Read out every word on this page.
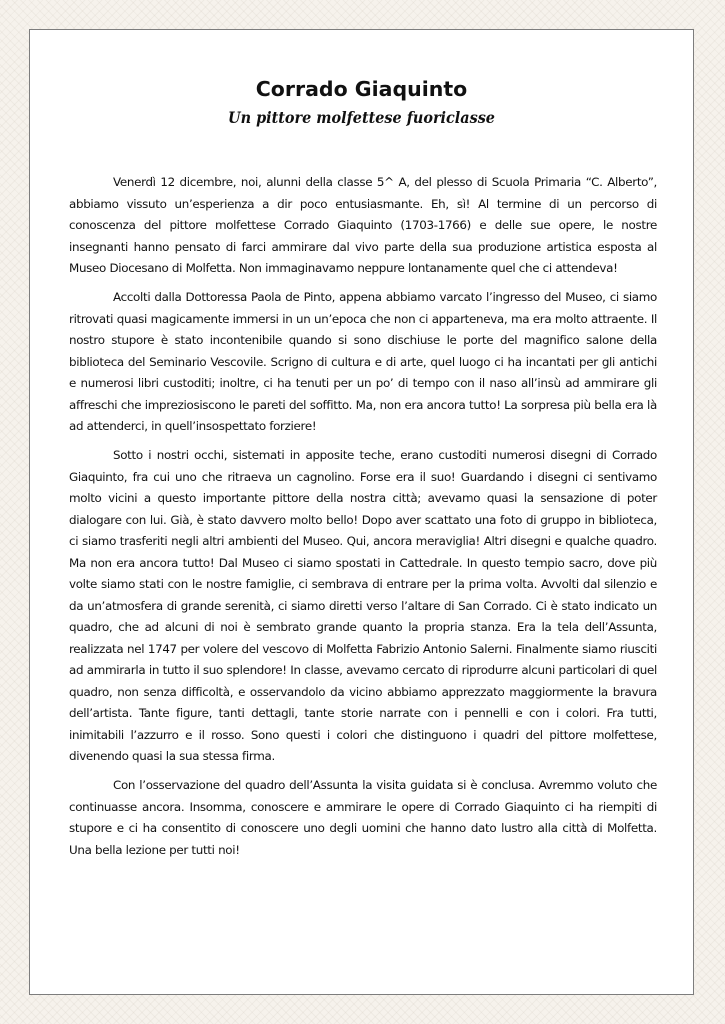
Corrado Giaquinto
Un pittore molfettese fuoriclasse

Venerdì 12 dicembre, noi, alunni della classe 5^ A, del plesso di Scuola Primaria “C. Alberto”, abbiamo vissuto un’esperienza a dir poco entusiasmante. Eh, sì! Al termine di un percorso di conoscenza del pittore molfettese Corrado Giaquinto (1703-1766) e delle sue opere, le nostre insegnanti hanno pensato di farci ammirare dal vivo parte della sua produzione artistica esposta al Museo Diocesano di Molfetta. Non immaginavamo neppure lontanamente quel che ci attendeva!

Accolti dalla Dottoressa Paola de Pinto, appena abbiamo varcato l’ingresso del Museo, ci siamo ritrovati quasi magicamente immersi in un un’epoca che non ci apparteneva, ma era molto attraente. Il nostro stupore è stato incontenibile quando si sono dischiuse le porte del magnifico salone della biblioteca del Seminario Vescovile. Scrigno di cultura e di arte, quel luogo ci ha incantati per gli antichi e numerosi libri custoditi; inoltre, ci ha tenuti per un po’ di tempo con il naso all’insù ad ammirare gli affreschi che impreziosiscono le pareti del soffitto. Ma, non era ancora tutto! La sorpresa più bella era là ad attenderci, in quell’insospettato forziere!

Sotto i nostri occhi, sistemati in apposite teche, erano custoditi numerosi disegni di Corrado Giaquinto, fra cui uno che ritraeva un cagnolino. Forse era il suo! Guardando i disegni ci sentivamo molto vicini a questo importante pittore della nostra città; avevamo quasi la sensazione di poter dialogare con lui. Già, è stato davvero molto bello! Dopo aver scattato una foto di gruppo in biblioteca, ci siamo trasferiti negli altri ambienti del Museo. Qui, ancora meraviglia! Altri disegni e qualche quadro. Ma non era ancora tutto! Dal Museo ci siamo spostati in Cattedrale. In questo tempio sacro, dove più volte siamo stati con le nostre famiglie, ci sembrava di entrare per la prima volta. Avvolti dal silenzio e da un’atmosfera di grande serenità, ci siamo diretti verso l’altare di San Corrado. Ci è stato indicato un quadro, che ad alcuni di noi è sembrato grande quanto la propria stanza. Era la tela dell’Assunta, realizzata nel 1747 per volere del vescovo di Molfetta Fabrizio Antonio Salerni. Finalmente siamo riusciti ad ammirarla in tutto il suo splendore! In classe, avevamo cercato di riprodurre alcuni particolari di quel quadro, non senza difficoltà, e osservandolo da vicino abbiamo apprezzato maggiormente la bravura dell’artista. Tante figure, tanti dettagli, tante storie narrate con i pennelli e con i colori. Fra tutti, inimitabili l’azzurro e il rosso. Sono questi i colori che distinguono i quadri del pittore molfettese, divenendo quasi la sua stessa firma.

Con l’osservazione del quadro dell’Assunta la visita guidata si è conclusa. Avremmo voluto che continuasse ancora. Insomma, conoscere e ammirare le opere di Corrado Giaquinto ci ha riempiti di stupore e ci ha consentito di conoscere uno degli uomini che hanno dato lustro alla città di Molfetta. Una bella lezione per tutti noi!
